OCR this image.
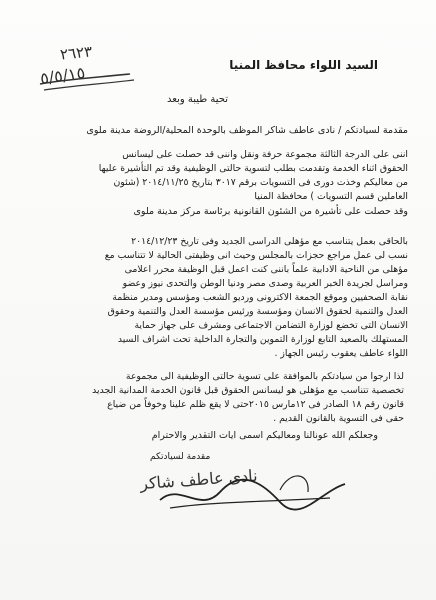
٢٦٢٣
٥/٥/١٥	السيد اللواء محافظ المنيا
تحية طيبة وبعد
مقدمة لسيادتكم / نادى عاطف شاكر الموظف بالوحدة المحلية/الروضة مدينة ملوى
اننى على الدرجة الثالثة مجموعة حرفة ونقل واننى قد حصلت على ليسانس
الحقوق اثناء الخدمة وتقدمت بطلب لتسوية حالتى الوظيفية وقد تم التأشيرة عليها
من معاليكم وخذت دورى فى التسويات برقم ٣٠١٧ بتاريخ ٢٠١٤/١١/٢٥ (شئون
العاملين قسم التسويات ) محافظة المنيا
وقد حصلت على تأشيرة من الشئون القانونية برئاسة مركز مدينة ملوى
بالحاقى بعمل يتناسب مع مؤهلى الدراسى الجديد وفى تاريخ ٢٠١٤/١٢/٢٣
نسب لى عمل مراجع حجزات بالمجلس وحيث انى وظيفتى الحالية لا تتناسب مع
مؤهلى من الناحية الادابية علماً باننى كنت اعمل قبل الوظيفة محرر اعلامى
ومراسل لجريدة الخبر العربية وصدى مصر ودنيا الوطن والتحدى نيوز وعضو
نقابة الصحفيين وموقع الجمعة الاكترونى ورديو الشعب ومؤسس ومدير منظمة
العدل والتنمية لحقوق الانسان ومؤسسة ورئيس مؤسسة العدل والتنمية وحقوق
الانسان التى تخضع لوزارة التضامن الاجتماعى ومشرف على جهاز حماية
المستهلك بالصعيد التابع لوزارة التموين والتجارة الداخلية تحت اشراف السيد
اللواء عاطف يعقوب رئيس الجهاز .
لذا ارجوا من سيادتكم بالموافقة على تسوية حالتى الوظيفية الى مجموعة
تخصصية تتناسب مع مؤهلى هو ليسانس الحقوق قبل قانون الخدمة المدانية الجديد
قانون رقم ١٨ الصادر فى ١٢مارس ٢٠١٥حتى لا يقع ظلم علينا وخوفاً من ضياع
حقى فى التسوية بالقانون القديم .
وجعلكم الله عونالنا ومعاليكم اسمى ايات التقدير والاحترام
مقدمة لسيادتكم
نادى عاطف شاكر
